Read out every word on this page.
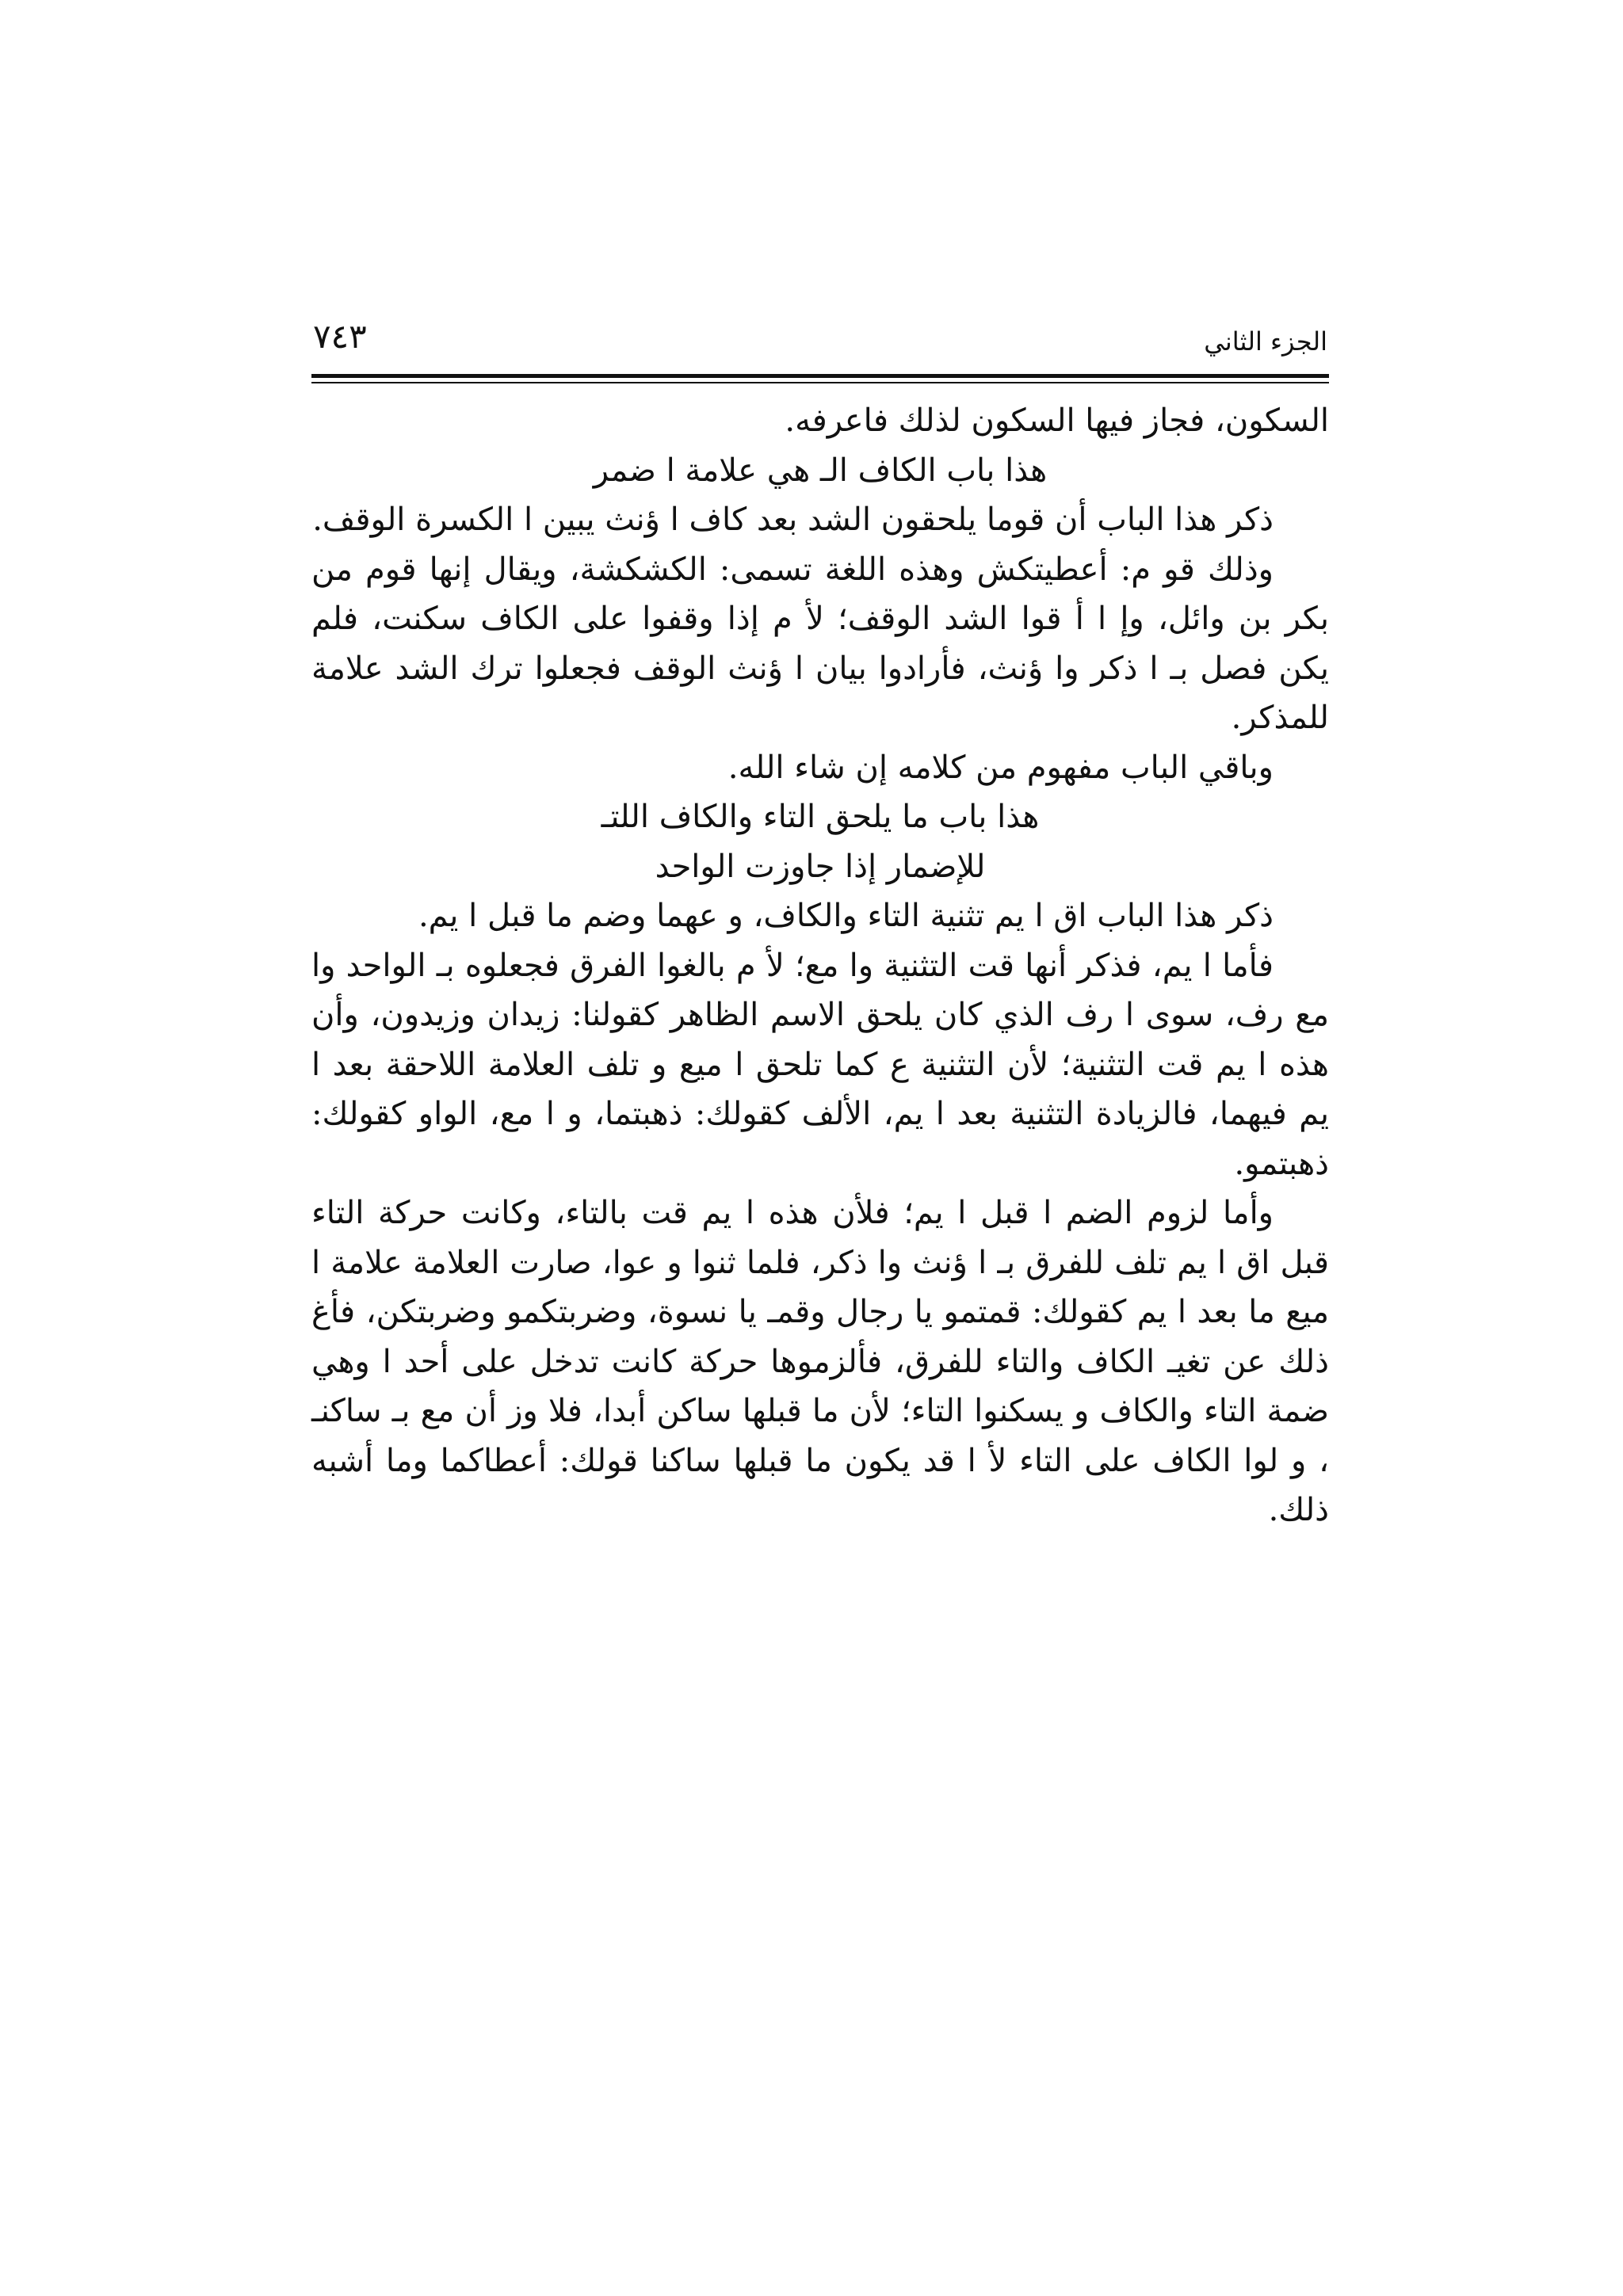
الجزء الثاني
٧٤٣

السكون، فجاز فيها السكون لذلك فاعرفه.

هذا باب الكاف الـ هي علامة ا ضمر

ذكر هذا الباب أن قوما يلحقون الشد بعد كاف ا ؤنث يبين ا الكسرة الوقف.

وذلك قو م: أعطيتكش وهذه اللغة تسمى: الكشكشة، ويقال إنها قوم من بكر بن وائل، وإ ا أ قوا الشد الوقف؛ لأ م إذا وقفوا على الكاف سكنت، فلم يكن فصل بـ ا ذكر وا ؤنث، فأرادوا بيان ا ؤنث الوقف فجعلوا ترك الشد علامة للمذكر.

وباقي الباب مفهوم من كلامه إن شاء الله.

هذا باب ما يلحق التاء والكاف اللتـ

للإضمار إذا جاوزت الواحد

ذكر هذا الباب اق ا يم تثنية التاء والكاف، و عهما وضم ما قبل ا يم.

فأما ا يم، فذكر أنها قت التثنية وا مع؛ لأ م بالغوا الفرق فجعلوه بـ الواحد وا مع رف، سوى ا رف الذي كان يلحق الاسم الظاهر كقولنا: زيدان وزيدون، وأن هذه ا يم قت التثنية؛ لأن التثنية ع كما تلحق ا ميع و تلف العلامة اللاحقة بعد ا يم فيهما، فالزيادة التثنية بعد ا يم، الألف كقولك: ذهبتما، و ا مع، الواو كقولك: ذهبتمو.

وأما لزوم الضم ا قبل ا يم؛ فلأن هذه ا يم قت بالتاء، وكانت حركة التاء قبل اق ا يم تلف للفرق بـ ا ؤنث وا ذكر، فلما ثنوا و عوا، صارت العلامة علامة ا ميع ما بعد ا يم كقولك: قمتمو يا رجال وقمـ يا نسوة، وضربتكمو وضربتكن، فأغ ذلك عن تغيـ الكاف والتاء للفرق، فألزموها حركة كانت تدخل على أحد ا وهي ضمة التاء والكاف و يسكنوا التاء؛ لأن ما قبلها ساكن أبدا، فلا وز أن مع بـ ساكنـ ، و لوا الكاف على التاء لأ ا قد يكون ما قبلها ساكنا قولك: أعطاكما وما أشبه ذلك.
